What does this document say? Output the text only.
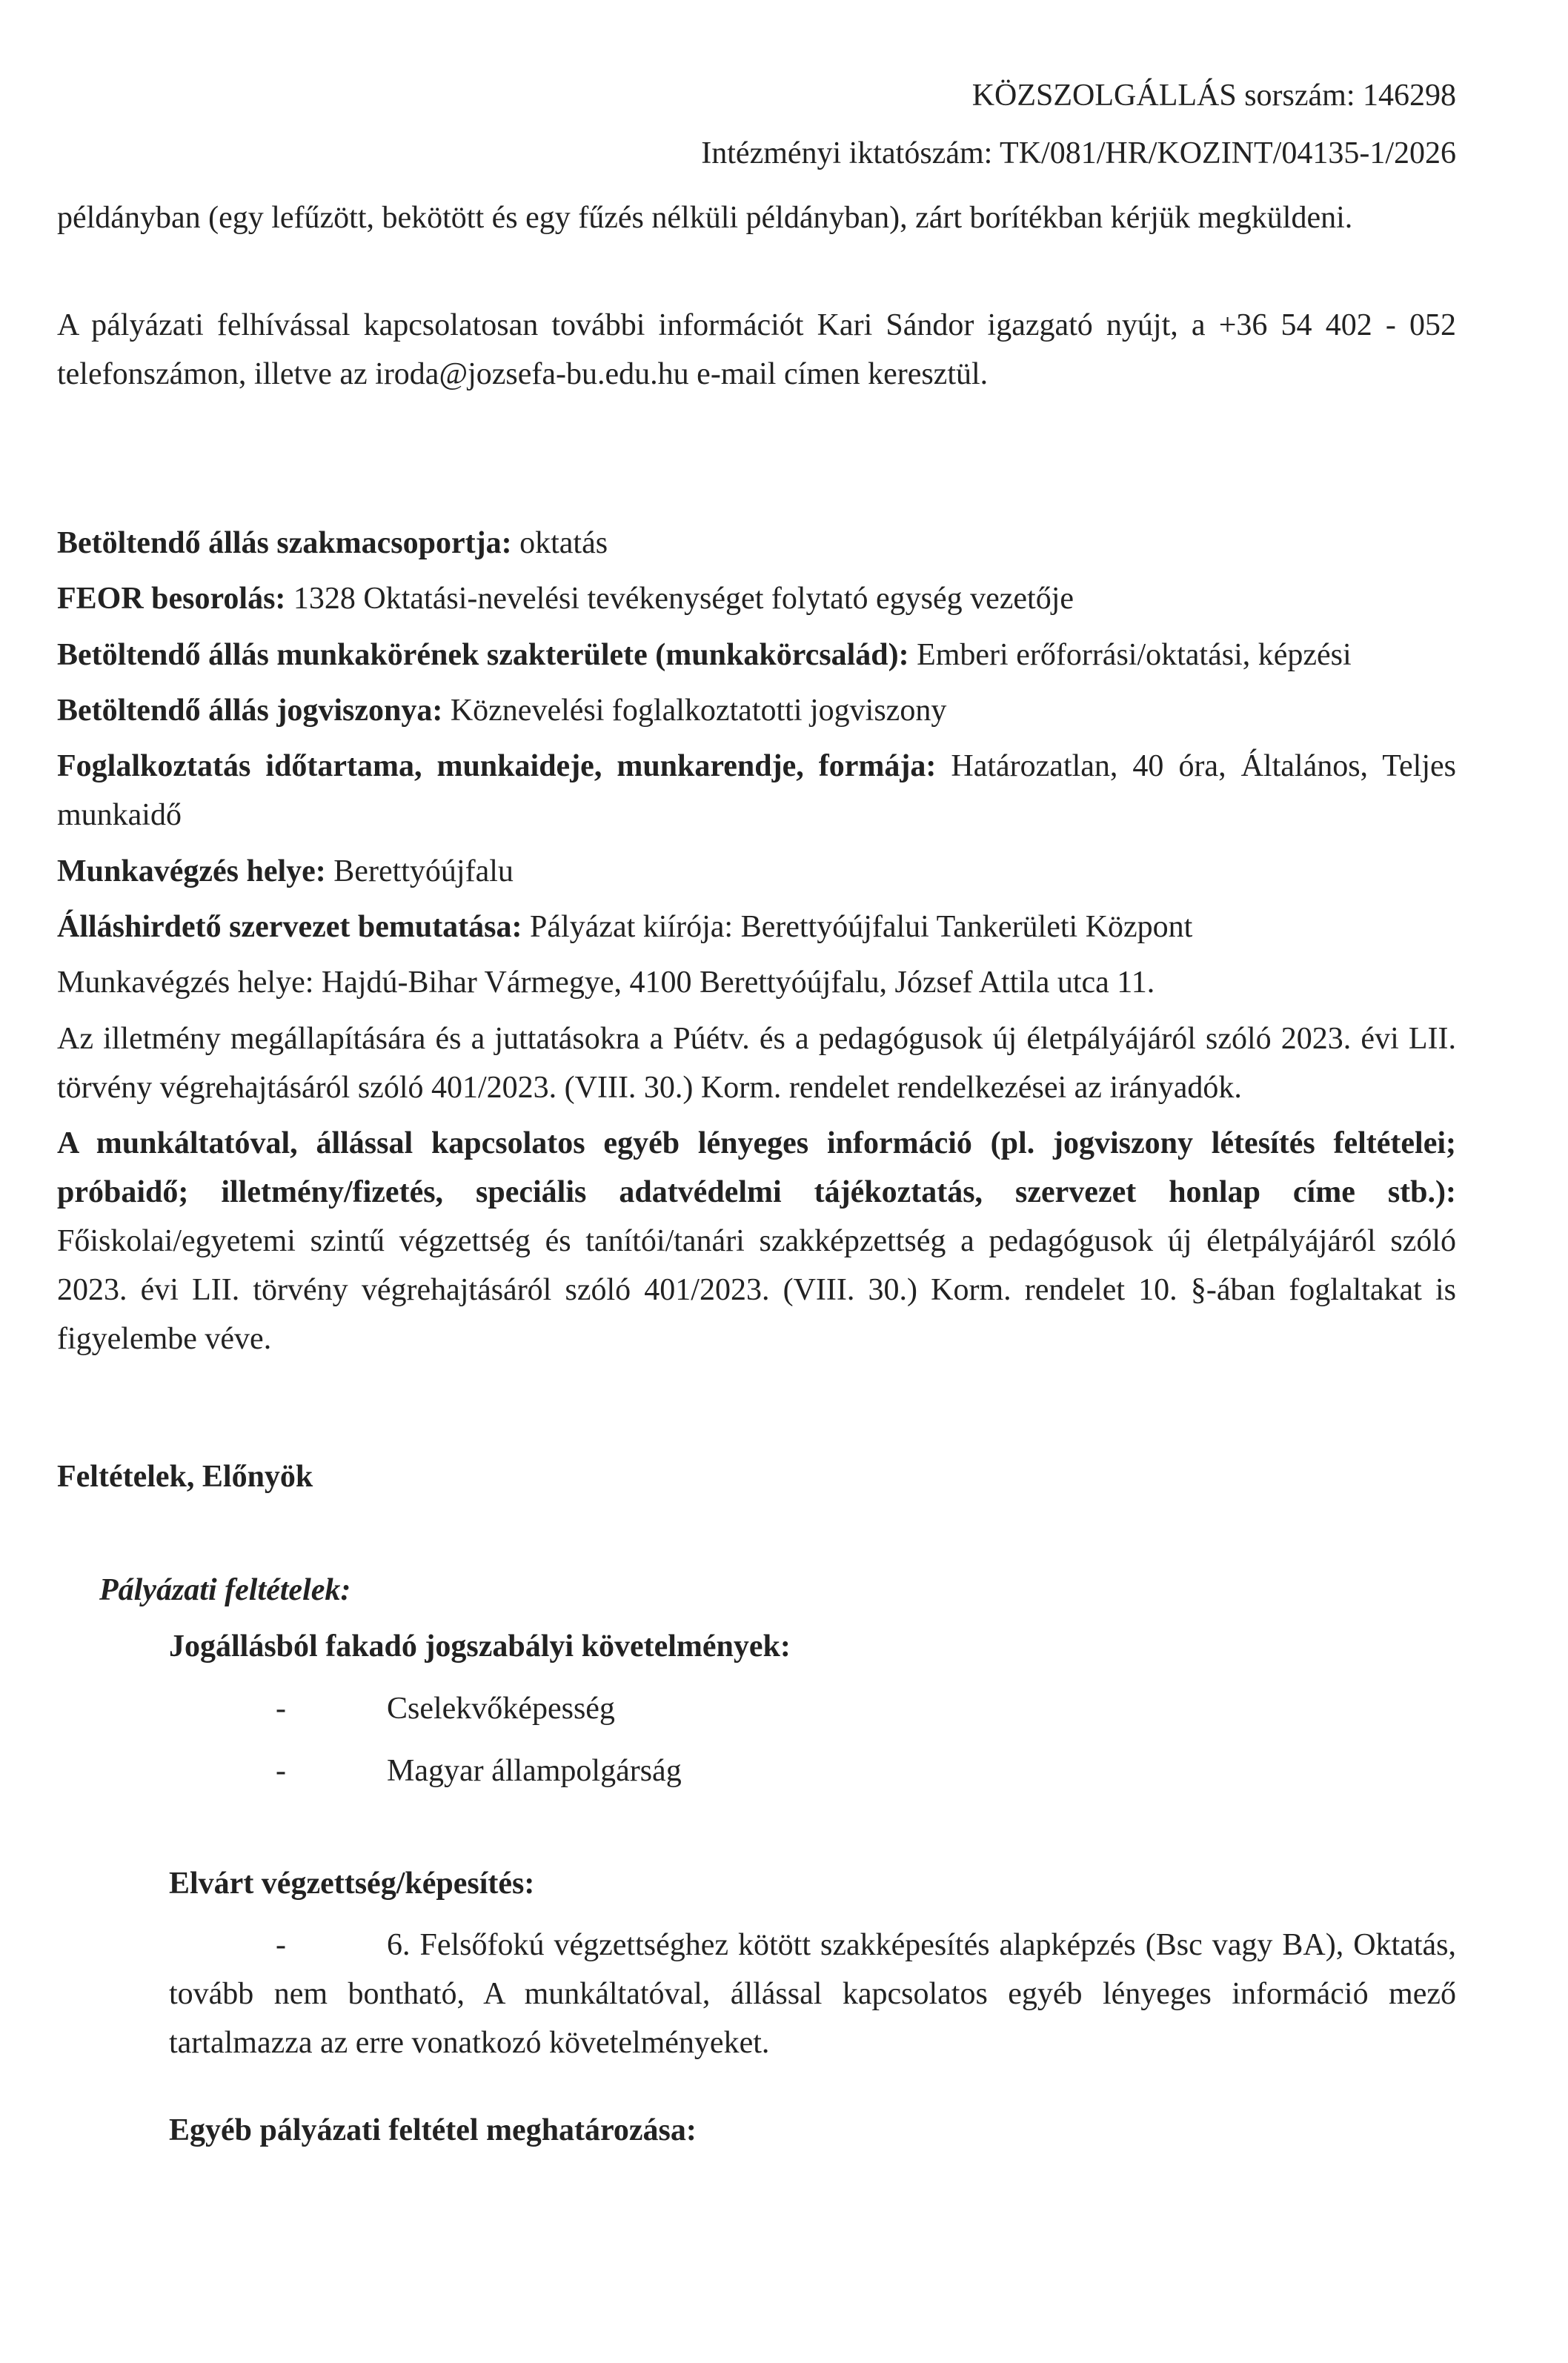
KÖZSZOLGÁLLÁS sorszám: 146298
Intézményi iktatószám: TK/081/HR/KOZINT/04135-1/2026

példányban (egy lefűzött, bekötött és egy fűzés nélküli példányban), zárt borítékban kérjük megküldeni.

A pályázati felhívással kapcsolatosan további információt Kari Sándor igazgató nyújt, a +36 54 402 - 052 telefonszámon, illetve az iroda@jozsefa-bu.edu.hu e-mail címen keresztül.

Betöltendő állás szakmacsoportja: oktatás

FEOR besorolás: 1328 Oktatási-nevelési tevékenységet folytató egység vezetője

Betöltendő állás munkakörének szakterülete (munkakörcsalád): Emberi erőforrási/oktatási, képzési

Betöltendő állás jogviszonya: Köznevelési foglalkoztatotti jogviszony

Foglalkoztatás időtartama, munkaideje, munkarendje, formája: Határozatlan, 40 óra, Általános, Teljes munkaidő

Munkavégzés helye: Berettyóújfalu

Álláshirdető szervezet bemutatása: Pályázat kiírója: Berettyóújfalui Tankerületi Központ

Munkavégzés helye: Hajdú-Bihar Vármegye, 4100 Berettyóújfalu, József Attila utca 11.

Az illetmény megállapítására és a juttatásokra a Púétv. és a pedagógusok új életpályájáról szóló 2023. évi LII. törvény végrehajtásáról szóló 401/2023. (VIII. 30.) Korm. rendelet rendelkezései az irányadók.

A munkáltatóval, állással kapcsolatos egyéb lényeges információ (pl. jogviszony létesítés feltételei; próbaidő; illetmény/fizetés, speciális adatvédelmi tájékoztatás, szervezet honlap címe stb.): Főiskolai/egyetemi szintű végzettség és tanítói/tanári szakképzettség a pedagógusok új életpályájáról szóló 2023. évi LII. törvény végrehajtásáról szóló 401/2023. (VIII. 30.) Korm. rendelet 10. §-ában foglaltakat is figyelembe véve.

Feltételek, Előnyök

Pályázati feltételek:

Jogállásból fakadó jogszabályi követelmények:

-	Cselekvőképesség

-	Magyar állampolgárság

Elvárt végzettség/képesítés:

-	6. Felsőfokú végzettséghez kötött szakképesítés alapképzés (Bsc vagy BA), Oktatás, tovább nem bontható, A munkáltatóval, állással kapcsolatos egyéb lényeges információ mező tartalmazza az erre vonatkozó követelményeket.

Egyéb pályázati feltétel meghatározása:
